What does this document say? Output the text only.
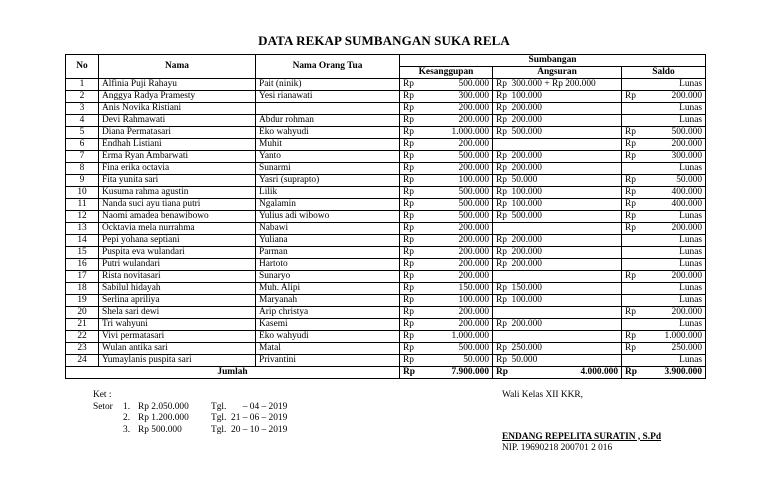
DATA REKAP SUMBANGAN SUKA RELA
No	Nama	Nama Orang Tua	Sumbangan					
			Kesanggupan		Angsuran		Saldo	
1	Alfinia Puji Rahayu	Pait (ninik)	Rp	500.000	Rp	300.000 + Rp 200.000		Lunas
2	Anggya Radya Pramesty	Yesi rianawati	Rp	300.000	Rp	100.000	Rp	200.000
3	Anis Novika Ristiani		Rp	200.000	Rp	200.000		Lunas
4	Devi Rahmawati	Abdur rohman	Rp	200.000	Rp	200.000		Lunas
5	Diana Permatasari	Eko wahyudi	Rp	1.000.000	Rp	500.000	Rp	500.000
6	Endhah Listiani	Muhit	Rp	200.000			Rp	200.000
7	Erma Ryan Ambarwati	Yanto	Rp	500.000	Rp	200.000	Rp	300.000
8	Fina erika octavia	Sunarmi	Rp	200.000	Rp	200.000		Lunas
9	Fita yunita sari	Yasri (suprapto)	Rp	100.000	Rp	50.000	Rp	50.000
10	Kusuma rahma agustin	Lilik	Rp	500.000	Rp	100.000	Rp	400.000
11	Nanda suci ayu tiana putri	Ngalamin	Rp	500.000	Rp	100.000	Rp	400.000
12	Naomi amadea benawibowo	Yulius adi wibowo	Rp	500.000	Rp	500.000	Rp	Lunas
13	Ocktavia mela nurrahma	Nabawi	Rp	200.000			Rp	200.000
14	Pepi yohana septiani	Yuliana	Rp	200.000	Rp	200.000		Lunas
15	Puspita eva wulandari	Parman	Rp	200.000	Rp	200.000		Lunas
16	Putri wulandari	Hartoto	Rp	200.000	Rp	200.000		Lunas
17	Rista novitasari	Sunaryo	Rp	200.000			Rp	200.000
18	Sabilul hidayah	Muh. Alipi	Rp	150.000	Rp	150.000		Lunas
19	Serlina apriliya	Maryanah	Rp	100.000	Rp	100.000		Lunas
20	Shela sari dewi	Arip christya	Rp	200.000			Rp	200.000
21	Tri wahyuni	Kasemi	Rp	200.000	Rp	200.000		Lunas
22	Vivi permatasari	Eko wahyudi	Rp	1.000.000			Rp	1.000.000
23	Wulan antika sari	Matal	Rp	500.000	Rp	250.000	Rp	250.000
24	Yumaylanis puspita sari	Privantini	Rp	50.000	Rp	50.000		Lunas
Jumlah			Rp	7.900.000	Rp	4.000.000	Rp	3.900.000
Ket :
Setor	1. Rp 2.050.000	Tgl. – 04 – 2019
2. Rp 1.200.000	Tgl. 21 – 06 – 2019
3. Rp 500.000	Tgl. 20 – 10 – 2019
Wali Kelas XII KKR,
ENDANG REPELITA SURATIN , S.Pd
NIP. 19690218 200701 2 016
